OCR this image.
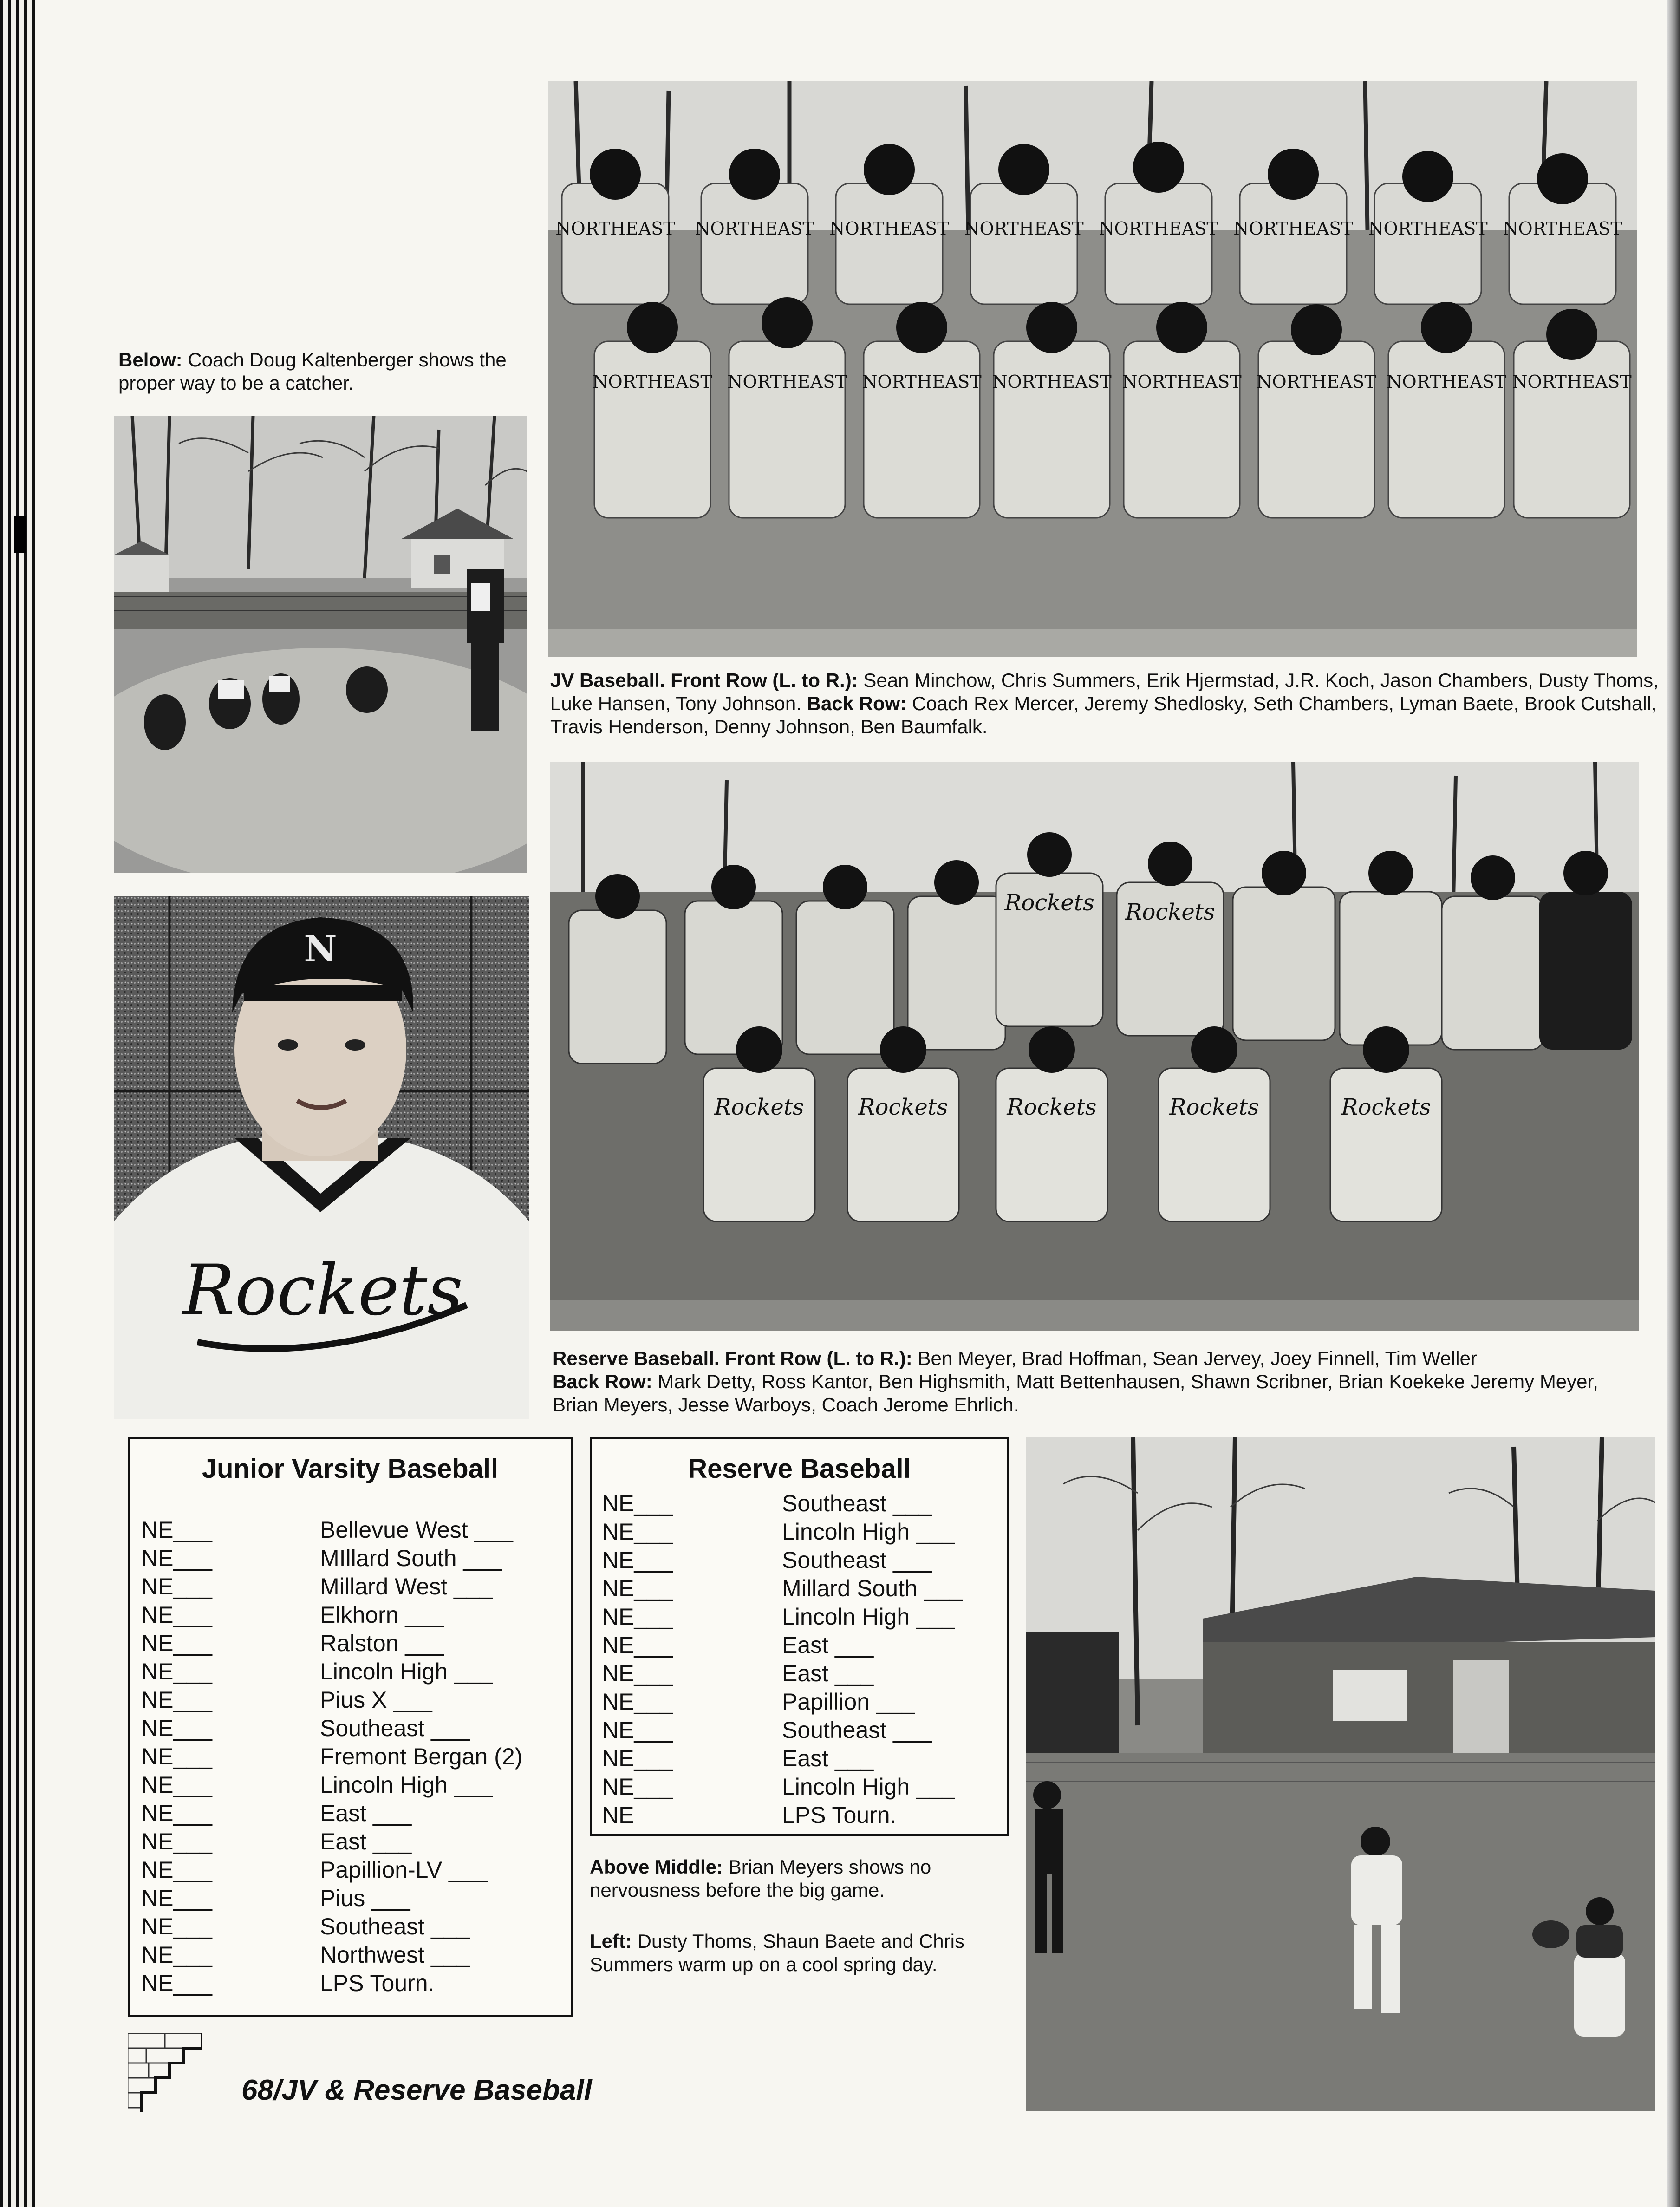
Below: Coach Doug Kaltenberger shows the proper way to be a catcher.
N
Rockets
NORTHEAST NORTHEAST NORTHEAST NORTHEAST NORTHEAST NORTHEAST NORTHEAST NORTHEAST
NORTHEAST NORTHEAST NORTHEAST NORTHEAST NORTHEAST NORTHEAST NORTHEAST NORTHEAST
JV Baseball. Front Row (L. to R.): Sean Minchow, Chris Summers, Erik Hjermstad, J.R. Koch, Jason Chambers, Dusty Thoms, Luke Hansen, Tony Johnson. Back Row: Coach Rex Mercer, Jeremy Shedlosky, Seth Chambers, Lyman Baete, Brook Cutshall, Travis Henderson, Denny Johnson, Ben Baumfalk.
Rockets Rockets
Rockets Rockets	Rockets	Rockets	Rockets
Reserve Baseball. Front Row (L. to R.): Ben Meyer, Brad Hoffman, Sean Jervey, Joey Finnell, Tim Weller
Back Row: Mark Detty, Ross Kantor, Ben Highsmith, Matt Bettenhausen, Shawn Scribner, Brian Koekeke Jeremy Meyer, Brian Meyers, Jesse Warboys, Coach Jerome Ehrlich.
Junior Varsity Baseball
NE___	Bellevue West ___
NE___	MIllard South ___
NE___	Millard West ___
NE___	Elkhorn ___
NE___	Ralston ___
NE___	Lincoln High ___
NE___	Pius X ___
NE___	Southeast ___
NE___	Fremont Bergan (2)
NE___	Lincoln High ___
NE___	East ___
NE___	East ___
NE___	Papillion-LV ___
NE___	Pius ___
NE___	Southeast ___
NE___	Northwest ___
NE___	LPS Tourn.
Reserve Baseball
NE___	Southeast ___
NE___	Lincoln High ___
NE___	Southeast ___
NE___	Millard South ___
NE___	Lincoln High ___
NE___	East ___
NE___	East ___
NE___	Papillion ___
NE___	Southeast ___
NE___	East ___
NE___	Lincoln High ___
NE	LPS Tourn.
Above Middle: Brian Meyers shows no nervousness before the big game.
Left: Dusty Thoms, Shaun Baete and Chris Summers warm up on a cool spring day.
68/JV & Reserve Baseball
